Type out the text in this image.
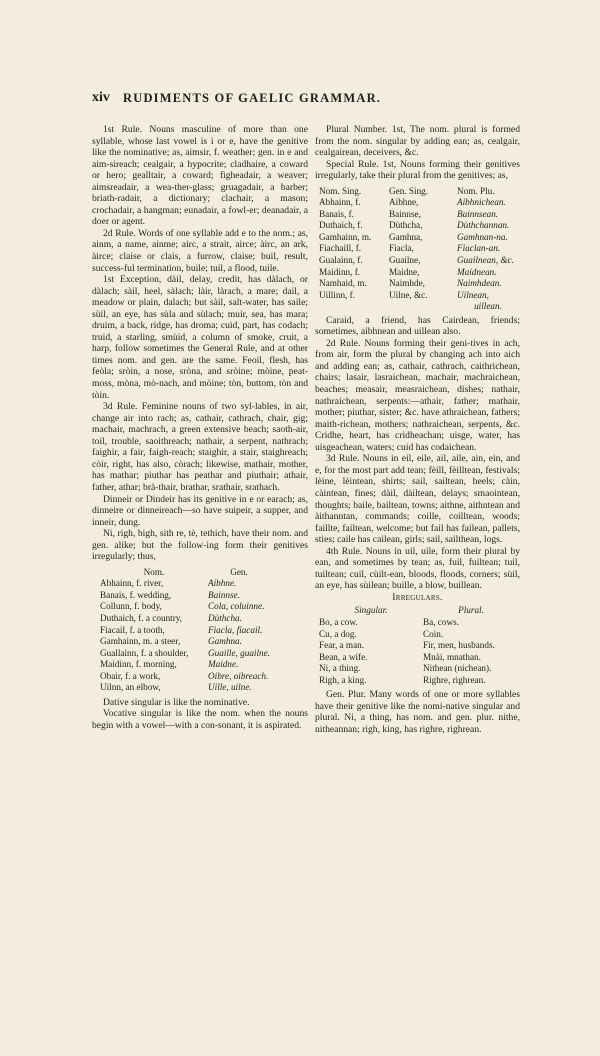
xiv RUDIMENTS OF GAELIC GRAMMAR.

1st Rule. Nouns masculine of more than one syllable, whose last vowel is i or e, have the genitive like the nominative; as, aimsir, f. weather; gen. in e and aim-sireach; cealgair, a hypocrite; cladhaire, a coward or hero; gealltair, a coward; fìgheadair, a weaver; aimsreadair, a wea-ther-glass; gruagadair, a barber; briath-radair, a dictionary; clachair, a mason; crochadair, a hangman; eunadair, a fowl-er; deanadair, a doer or agent.

2d Rule. Words of one syllable add e to the nom.; as, ainm, a name, ainme; airc, a strait, airce; àirc, an ark, àirce; claise or clais, a furrow, claise; buil, result, success-ful termination, buile; tuil, a flood, tuile.

1st Exception, dàil, delay, credit, has dàlach, or dàlach; sàil, heel, sàlach; làir, làrach, a mare; dail, a meadow or plain, dalach; but sàil, salt-water, has saile; sùil, an eye, has sùla and sùlach; muir, sea, has mara; druim, a back, ridge, has droma; cuid, part, has codach; truid, a starling, smùid, a column of smoke, cruit, a harp, follow sometimes the General Rule, and at other times nom. and gen. are the same. Feoil, flesh, has feòla; sròin, a nose, sròna, and sròine; mòine, peat-moss, mòna, mò-nach, and mòine; tòn, buttom, tòn and tòin.

3d Rule. Feminine nouns of two syl-lables, in air, change air into rach; as, cathair, cathrach, chair, gig; machair, machrach, a green extensive beach; saoth-air, toil, trouble, saoithreach; nathair, a serpent, nathrach; faighir, a fair, faigh-reach; staighir, a stair, staighreach; còir, right, has also, còrach; likewise, mathair, mother, has mathar; piuthar has peathar and piuthair; athair, father, athar; brà-thair, brathar, srathair, srathach.

Dinneir or Dindeir has its genitive in e or earach; as, dinneire or dinneireach—so have suipeir, a supper, and inneir, dung.

Ni, righ, bigh, sith re, tè, tethich, have their nom. and gen. alike; but the follow-ing form their genitives irregularly; thus,

Nom.	Gen.
Abhainn, f. river,	Aibhne.
Banais, f. wedding,	Bainnse.
Collunn, f. body,	Cola, coluinne.
Duthaich, f. a country,	Dùthcha.
Fiacail, f. a tooth,	Fiacla, fiacail.
Gamhainn, m. a steer,	Gamhna.
Guallainn, f. a shoulder,	Guaille, guailne.
Maidinn, f. morning,	Maidne.
Obair, f. a work,	Oibre, oibreach.
Uilnn, an elbow,	Uille, uilne.

Dative singular is like the nominative.

Vocative singular is like the nom. when the nouns begin with a vowel—with a con-sonant, it is aspirated.

Plural Number. 1st, The nom. plural is formed from the nom. singular by adding ean; as, cealgair, cealgairean, deceivers, &c.

Special Rule. 1st, Nouns forming their genitives irregularly, take their plural from the genitives; as,

Nom. Sing.	Gen. Sing.	Nom. Plu.
Abhainn, f.	Aibhne,	Aibhnichean.
Banais, f.	Bainnse,	Bainnsean.
Duthaich, f.	Dùthcha,	Dùthchannan.
Gamhainn, m.	Gamhna,	Gamhnan-na.
Fiachaill, f.	Fiacla,	Fiaclan-an.
Gualainn, f.	Guailne,	Guailnean, &c.
Maidinn, f.	Maidne,	Maidnean.
Namhaid, m.	Naimhde,	Naimhdean.
Uillinn, f.	Uilne, &c.	Uilnean,
uillean.		

Caraid, a friend, has Cairdean, friends; sometimes, aibhnean and uillean also.

2d Rule. Nouns forming their geni-tives in ach, from air, form the plural by changing ach into aich and adding ean; as, cathair, cathrach, caithrichean, chairs; lasair, lasraichean, machair, machraichean, beaches; measair, measraichean, dishes; nathair, nathraichean, serpents:—athair, father; mathair, mother; piuthar, sister; &c. have athraichean, fathers; maith-richean, mothers; nathraichean, serpents, &c. Cridhe, heart, has cridheachan; uisge, water, has uisgeachean, waters; cuid has codaichean.

3d Rule. Nouns in eil, eile, ail, aile, ain, ein, and e, for the most part add tean; fèill, fèilltean, festivals; lèine, lèintean, shirts; sail, sailtean, heels; càin, càintean, fines; dàil, dàiltean, delays; smaointean, thoughts; baile, bailtean, towns; aithne, aithntean and àithanntan, commands; coille, coilltean, woods; faillte, failtean, welcome; but fail has failean, pallets, sties; caile has cailean, girls; sail, sailthean, logs.

4th Rule. Nouns in uil, uile, form their plural by ean, and sometimes by tean; as, fuil, fuiltean; tuil, tuiltean; cuil, cùilt-ean, bloods, floods, corners; sùil, an eye, has sùilean; buille, a blow, buillean.

Irregulars.

Singular.	Plural.
Bo, a cow.	Ba, cows.
Cu, a dog.	Coin.
Fear, a man.	Fir, men, husbands.
Bean, a wife.	Mnài, mnathan.
Ni, a thing.	Nithean (nichean).
Righ, a king.	Righre, righrean.

Gen. Plur. Many words of one or more syllables have their genitive like the nomi-native singular and plural. Ni, a thing, has nom. and gen. plur. nithe, nitheannan; righ, king, has righre, righrean.
